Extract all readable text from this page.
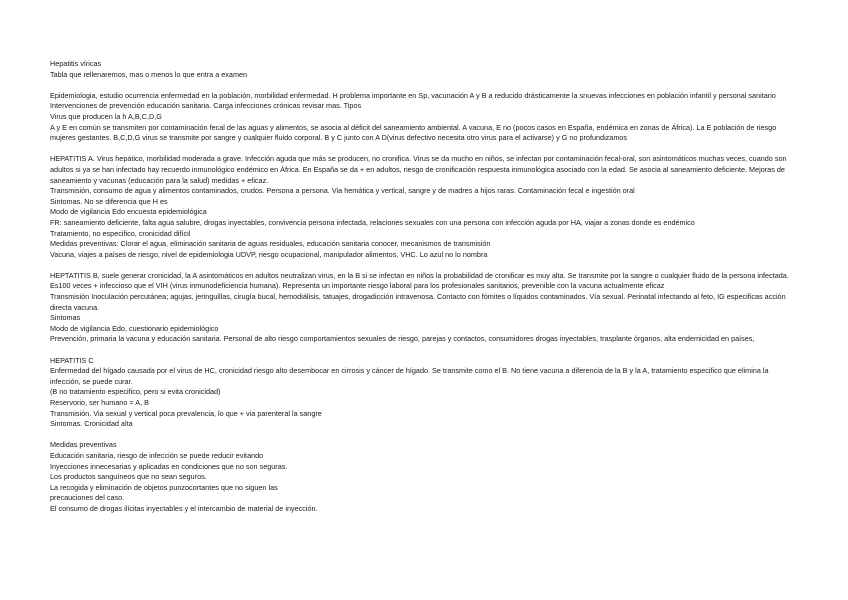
Hepatitis víricas

Tabla que rellenaremos, mas o menos lo que entra a examen

Epidemiologia, estudio ocurrencia enfermedad en la población, morbilidad enfermedad. H problema importante en Sp, vacunación A y B a reducido drásticamente la snuevas infecciones en población infantil y personal sanitario

Intervenciones de prevención educación sanitaria. Carga infecciones crónicas revisar mas. Tipos

Virus que producen la h A,B,C,D,G

A y E en común se transmiten por contaminación fecal de las aguas y alimentos, se asocia al déficit del saneamiento ambiental. A vacuna, E no (pocos casos en España, endémica en zonas de África). La E población de riesgo mujeres gestantes. B,C,D,G virus se transmite por sangre y cualquier fluido corporal. B y C junto con A D(virus defectivo necesita otro virus para el activarse) y G no profundizamos

HEPATITIS A. Virus hepático, morbilidad moderada a grave. Infección aguda que más se producen, no cronifica. Virus se da mucho en niños, se infectan por contaminación fecal-oral, son asintomáticos muchas veces, cuando son adultos si ya se han infectado hay recuerdo inmunológico endémico en África. En España se da + en adultos, riesgo de cronificación respuesta inmunológica asociado con la edad. Se asocia al saneamiento deficiente. Mejoras de saneamiento y vacunas (educación para la salud) medidas + eficaz.

Transmisión, consumo de agua y alimentos contaminados, crudos. Persona a persona. Via hemática y vertical, sangre y de madres a hijos raras. Contaminación fecal e ingestión oral

Sintomas. No se diferencia que H es

Modo de vigilancia Edo encuesta epidemiológica

FR: saneamiento deficiente, falta agua salubre, drogas inyectables, convivencia persona infectada, relaciones sexuales con una persona con infección aguda por HA, viajar a zonas donde es endémico

Tratamiento, no especifico, cronicidad difícil

Medidas preventivas: Clorar el agua, eliminación sanitaria de aguas residuales, educación sanitaria conocer, mecanismos de transmisión

Vacuna, viajes a países de riesgo, nivel de epidemiologia UDVP, riesgo ocupacional, manipulador alimentos, VHC. Lo azul no lo nombra

HEPTATITIS B, suele generar cronicidad, la A asintomáticos en adultos neutralizan virus, en la B si se infectan en niños la probabilidad de cronificar es muy alta. Se transmite por la sangre o cualquier fluido de la persona infectada. Es100 veces + infeccioso que el VIH (virus inmunodeficiencia humana). Representa un importante riesgo laboral para los profesionales sanitarios, prevenible con la vacuna actualmente eficaz

Transmisión Inoculación percutánea; agujas, jeringuillas, cirugía bucal, hemodiálisis, tatuajes, drogadicción intravenosa. Contacto con fómites o líquidos contaminados. Vía sexual. Perinatal infectando al feto, IG especificas acción directa vacuna.

Sintomas

Modo de vigilancia Edo, cuestionario epidemiológico

Prevención, primaria la vacuna y educación sanitaria. Personal de alto riesgo comportamientos sexuales de riesgo, parejas y contactos, consumidores drogas inyectables, trasplante órganos, alta endemicidad en países,

HEPATITIS C

Enfermedad del hígado causada por el virus de HC, cronicidad riesgo alto desembocar en cirrosis y cáncer de hígado. Se transmite como el B. No tiene vacuna a diferencia de la B y la A, tratamiento especifico que elimina la infección, se puede curar.

(B no tratamiento especifico, pero si evita cronicidad)

Reservorio, ser humano = A, B

Transmisión. Via sexual y vertical poca prevalencia, lo que + via parenteral la sangre

Sintomas. Cronicidad alta

Medidas preventivas

Educación sanitaria, riesgo de infección se puede reducir evitando

Inyecciones innecesarias y aplicadas en condiciones que no son seguras.

Los productos sanguíneos que no sean seguros.

La recogida y eliminación de objetos punzocortantes que no siguen las

precauciones del caso.

El consumo de drogas ilícitas inyectables y el intercambio de material de inyección.
